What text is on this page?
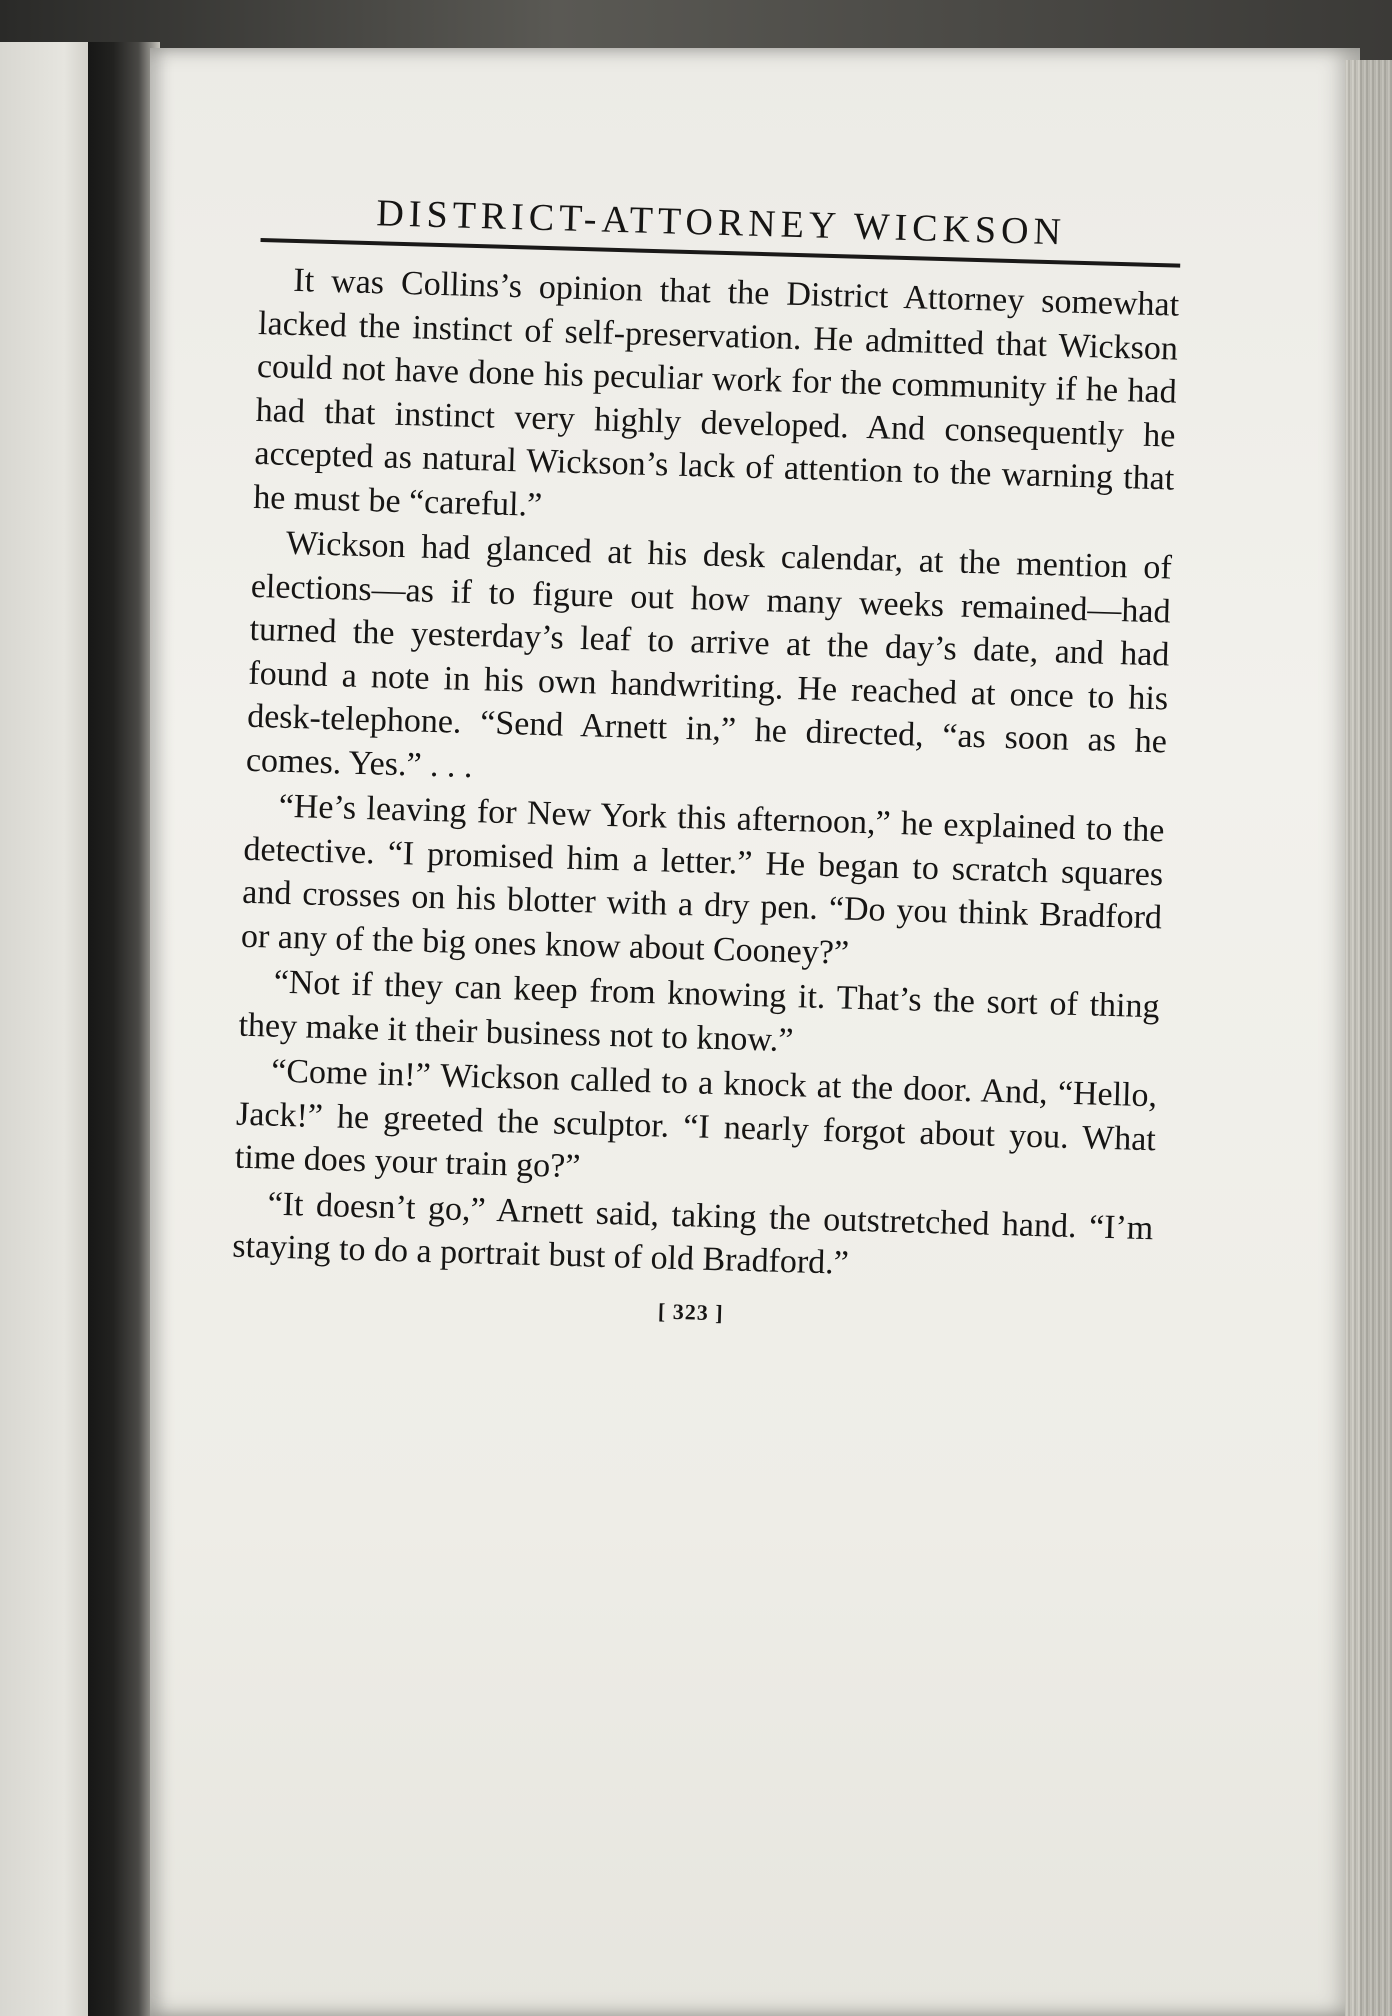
DISTRICT-ATTORNEY WICKSON

It was Collins’s opinion that the District Attorney somewhat lacked the instinct of self-preservation. He admitted that Wickson could not have done his peculiar work for the community if he had had that instinct very highly developed. And consequently he accepted as natural Wickson’s lack of attention to the warning that he must be “careful.”

Wickson had glanced at his desk calendar, at the mention of elections—as if to figure out how many weeks remained—had turned the yesterday’s leaf to arrive at the day’s date, and had found a note in his own handwriting. He reached at once to his desk-telephone. “Send Arnett in,” he directed, “as soon as he comes. Yes.” . . .

“He’s leaving for New York this afternoon,” he explained to the detective. “I promised him a letter.” He began to scratch squares and crosses on his blotter with a dry pen. “Do you think Bradford or any of the big ones know about Cooney?”

“Not if they can keep from knowing it. That’s the sort of thing they make it their business not to know.”

“Come in!” Wickson called to a knock at the door. And, “Hello, Jack!” he greeted the sculptor. “I nearly forgot about you. What time does your train go?”

“It doesn’t go,” Arnett said, taking the outstretched hand. “I’m staying to do a portrait bust of old Bradford.”

[ 323 ]
